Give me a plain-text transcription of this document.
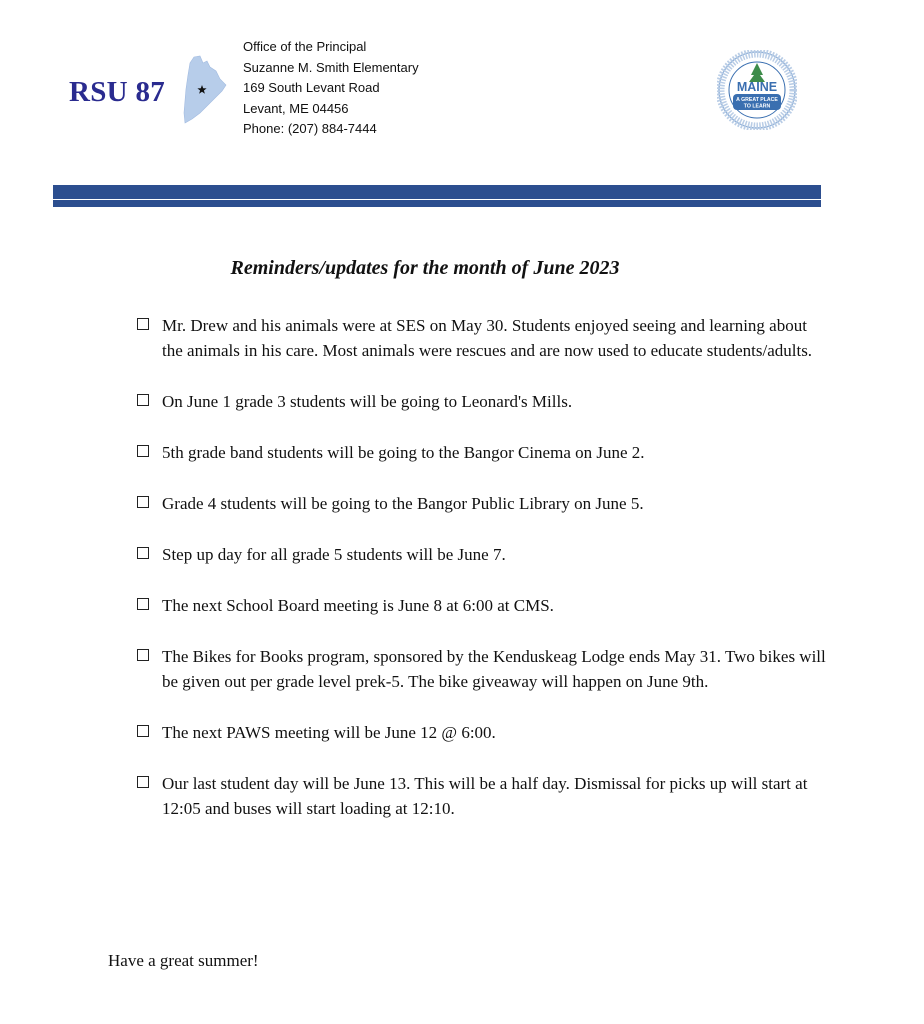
RSU 87
Office of the Principal
Suzanne M. Smith Elementary
169 South Levant Road
Levant, ME 04456
Phone: (207) 884-7444
MAINE
A GREAT PLACE
TO LEARN
Reminders/updates for the month of June 2023
Mr. Drew and his animals were at SES on May 30. Students enjoyed seeing and learning about the animals in his care. Most animals were rescues and are now used to educate students/adults.
On June 1 grade 3 students will be going to Leonard's Mills.
5th grade band students will be going to the Bangor Cinema on June 2.
Grade 4 students will be going to the Bangor Public Library on June 5.
Step up day for all grade 5 students will be June 7.
The next School Board meeting is June 8 at 6:00 at CMS.
The Bikes for Books program, sponsored by the Kenduskeag Lodge ends May 31. Two bikes will be given out per grade level prek-5. The bike giveaway will happen on June 9th.
The next PAWS meeting will be June 12 @ 6:00.
Our last student day will be June 13. This will be a half day. Dismissal for picks up will start at 12:05 and buses will start loading at 12:10.
Have a great summer!
